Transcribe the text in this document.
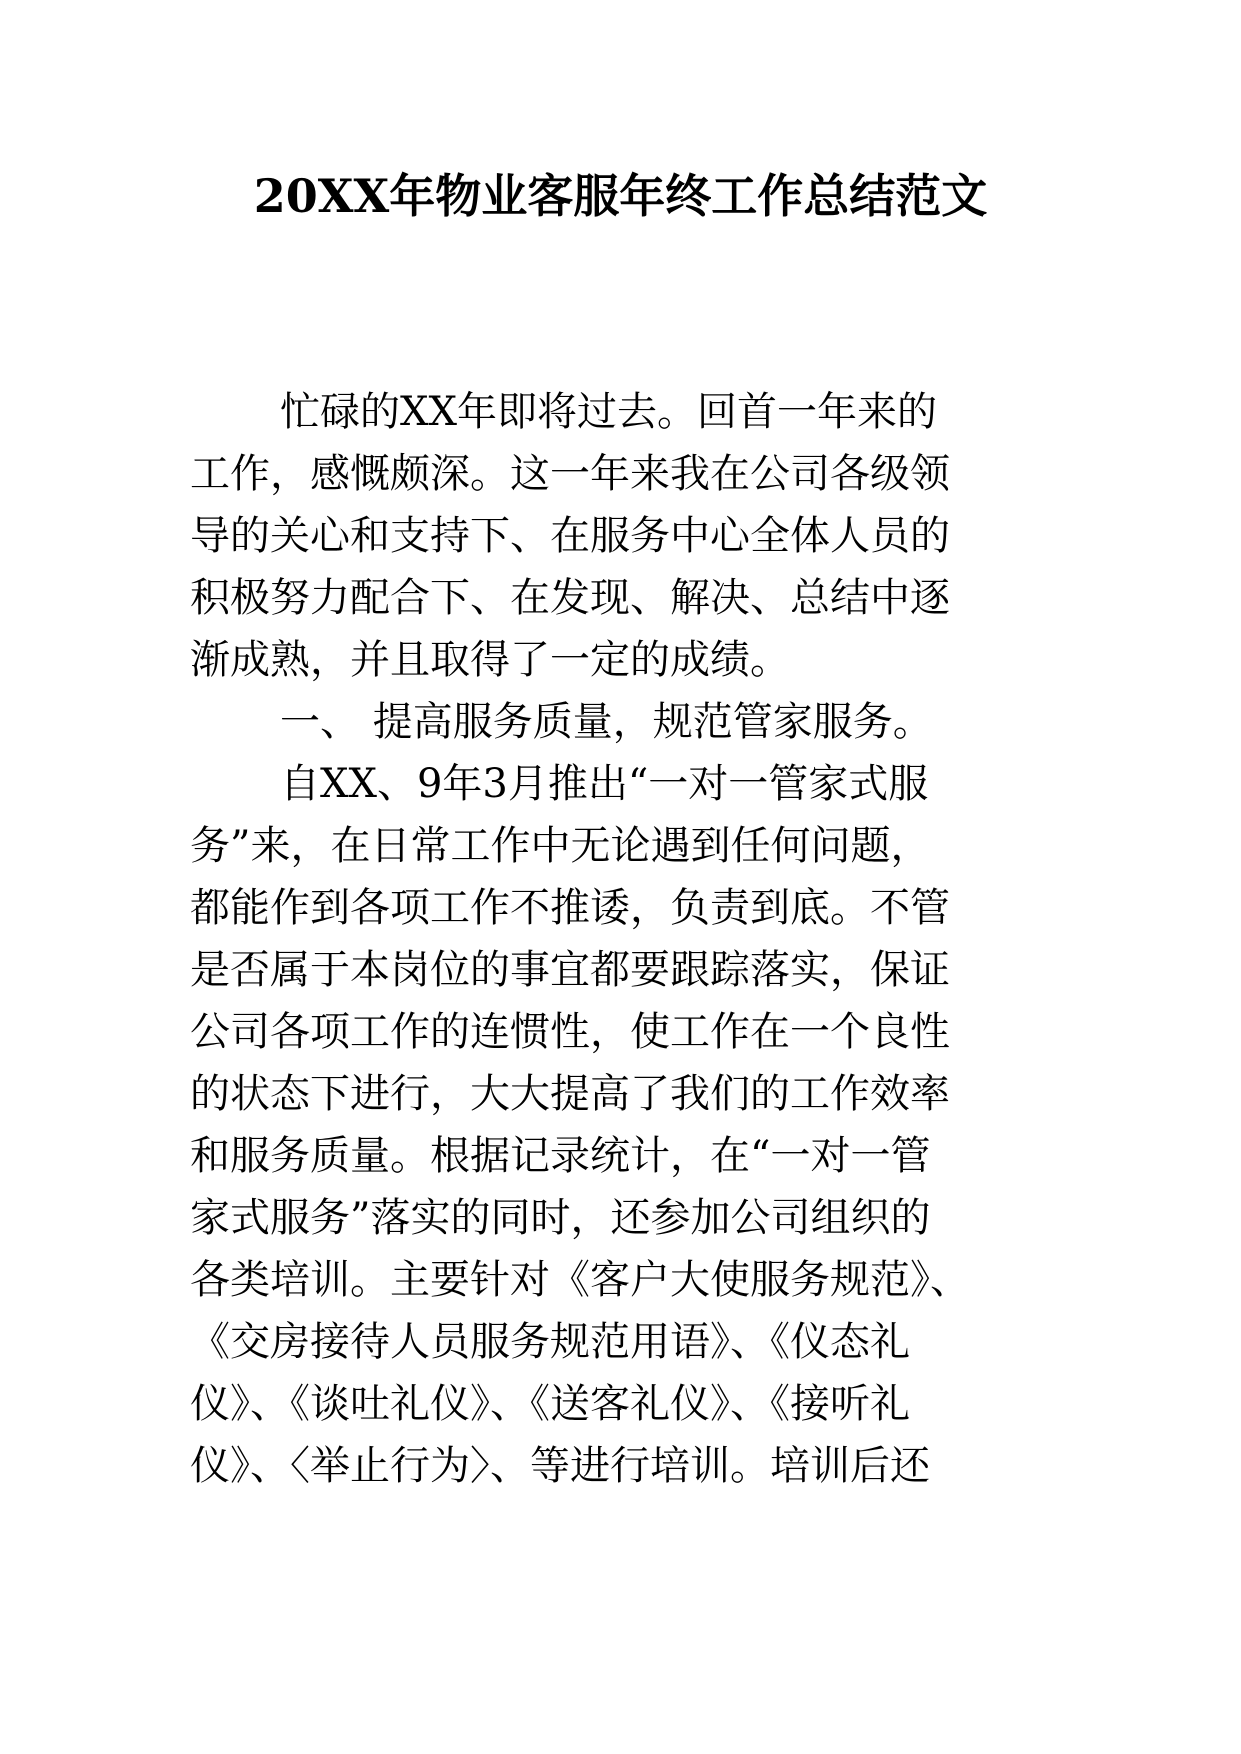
20XX年物业客服年终工作总结范文

忙碌的XX年即将过去。回首一年来的

工作，感慨颇深。这一年来我在公司各级领

导的关心和支持下、在服务中心全体人员的

积极努力配合下、在发现、解决、总结中逐

渐成熟，并且取得了一定的成绩。

一、 提高服务质量，规范管家服务。

自XX、9年3月推出“一对一管家式服

务”来，在日常工作中无论遇到任何问题，

都能作到各项工作不推诿，负责到底。不管

是否属于本岗位的事宜都要跟踪落实，保证

公司各项工作的连惯性，使工作在一个良性

的状态下进行，大大提高了我们的工作效率

和服务质量。根据记录统计，在“一对一管

家式服务”落实的同时，还参加公司组织的

各类培训。主要针对《客户大使服务规范》、

《交房接待人员服务规范用语》、《仪态礼

仪》、《谈吐礼仪》、《送客礼仪》、《接听礼

仪》、〈举止行为〉、等进行培训。培训后还
